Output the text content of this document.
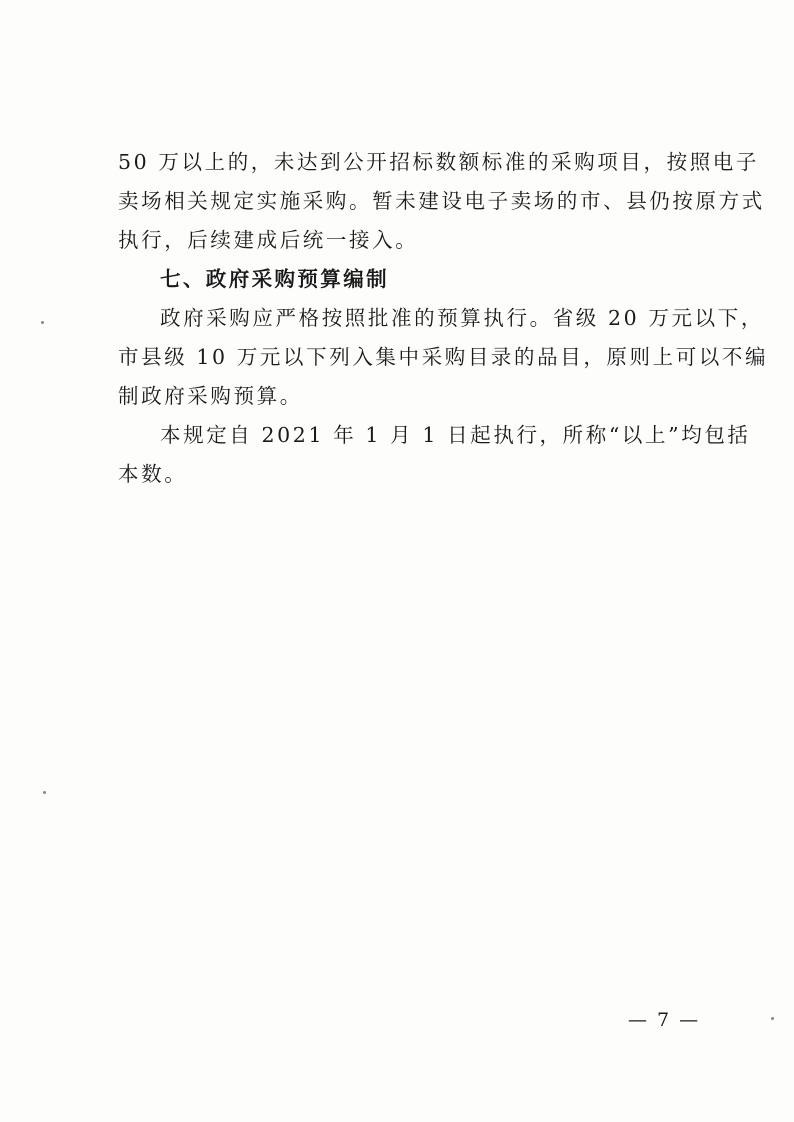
50 万以上的，未达到公开招标数额标准的采购项目，按照电子
卖场相关规定实施采购。暂未建设电子卖场的市、县仍按原方式
执行，后续建成后统一接入。
七、政府采购预算编制
政府采购应严格按照批准的预算执行。省级 20 万元以下，
市县级 10 万元以下列入集中采购目录的品目，原则上可以不编
制政府采购预算。
本规定自 2021 年 1 月 1 日起执行，所称“以上”均包括
本数。
— 7 —
